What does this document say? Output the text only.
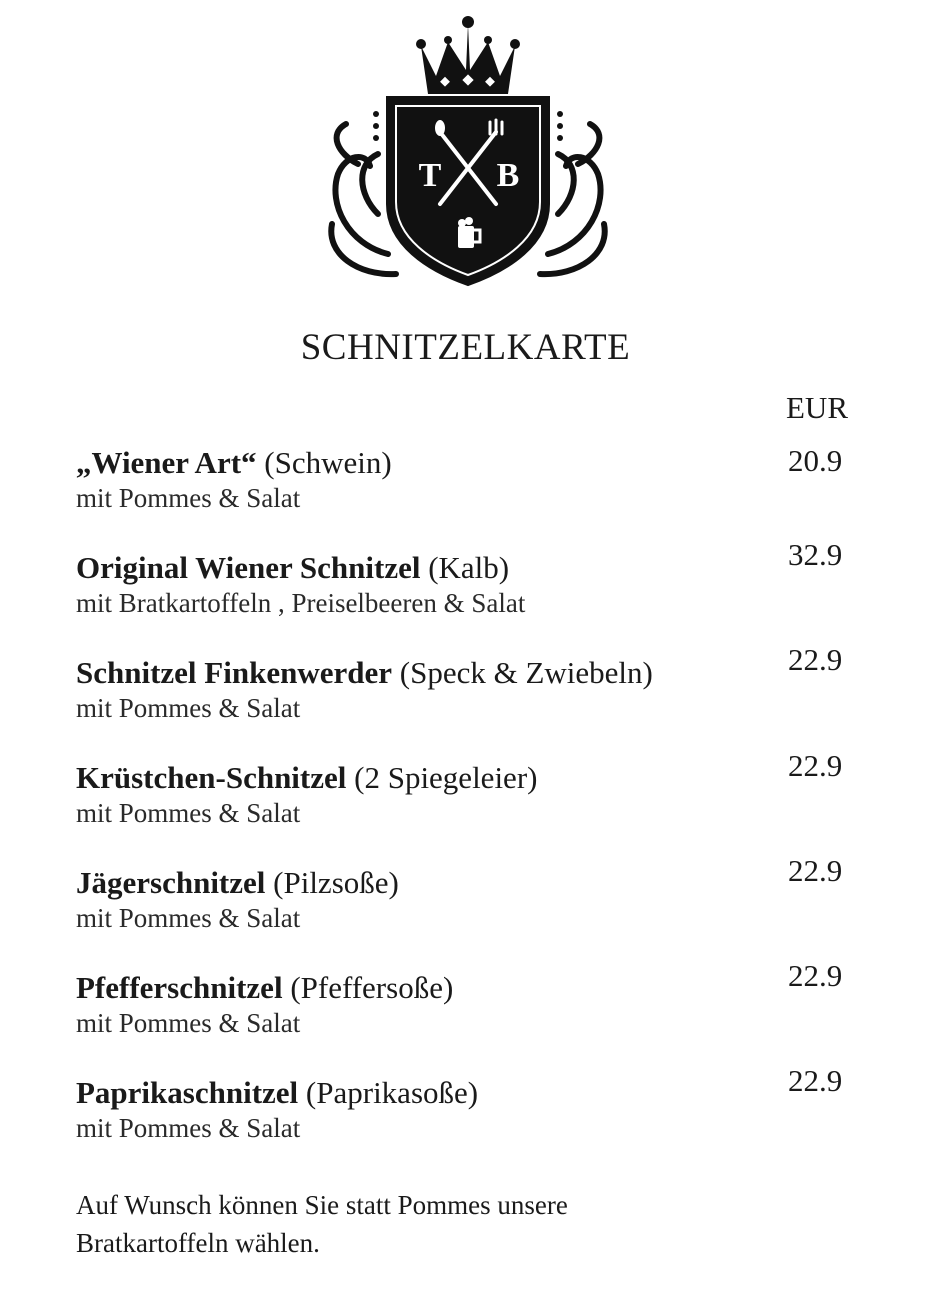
T B
SCHNITZELKARTE
EUR
„Wiener Art“ (Schwein)
mit Pommes & Salat
20.9
Original Wiener Schnitzel (Kalb)
mit Bratkartoffeln , Preiselbeeren & Salat
32.9
Schnitzel Finkenwerder (Speck & Zwiebeln)
mit Pommes & Salat
22.9
Krüstchen-Schnitzel (2 Spiegeleier)
mit Pommes & Salat
22.9
Jägerschnitzel (Pilzsoße)
mit Pommes & Salat
22.9
Pfefferschnitzel (Pfeffersoße)
mit Pommes & Salat
22.9
Paprikaschnitzel (Paprikasoße)
mit Pommes & Salat
22.9
Auf Wunsch können Sie statt Pommes unsere
Bratkartoffeln wählen.
